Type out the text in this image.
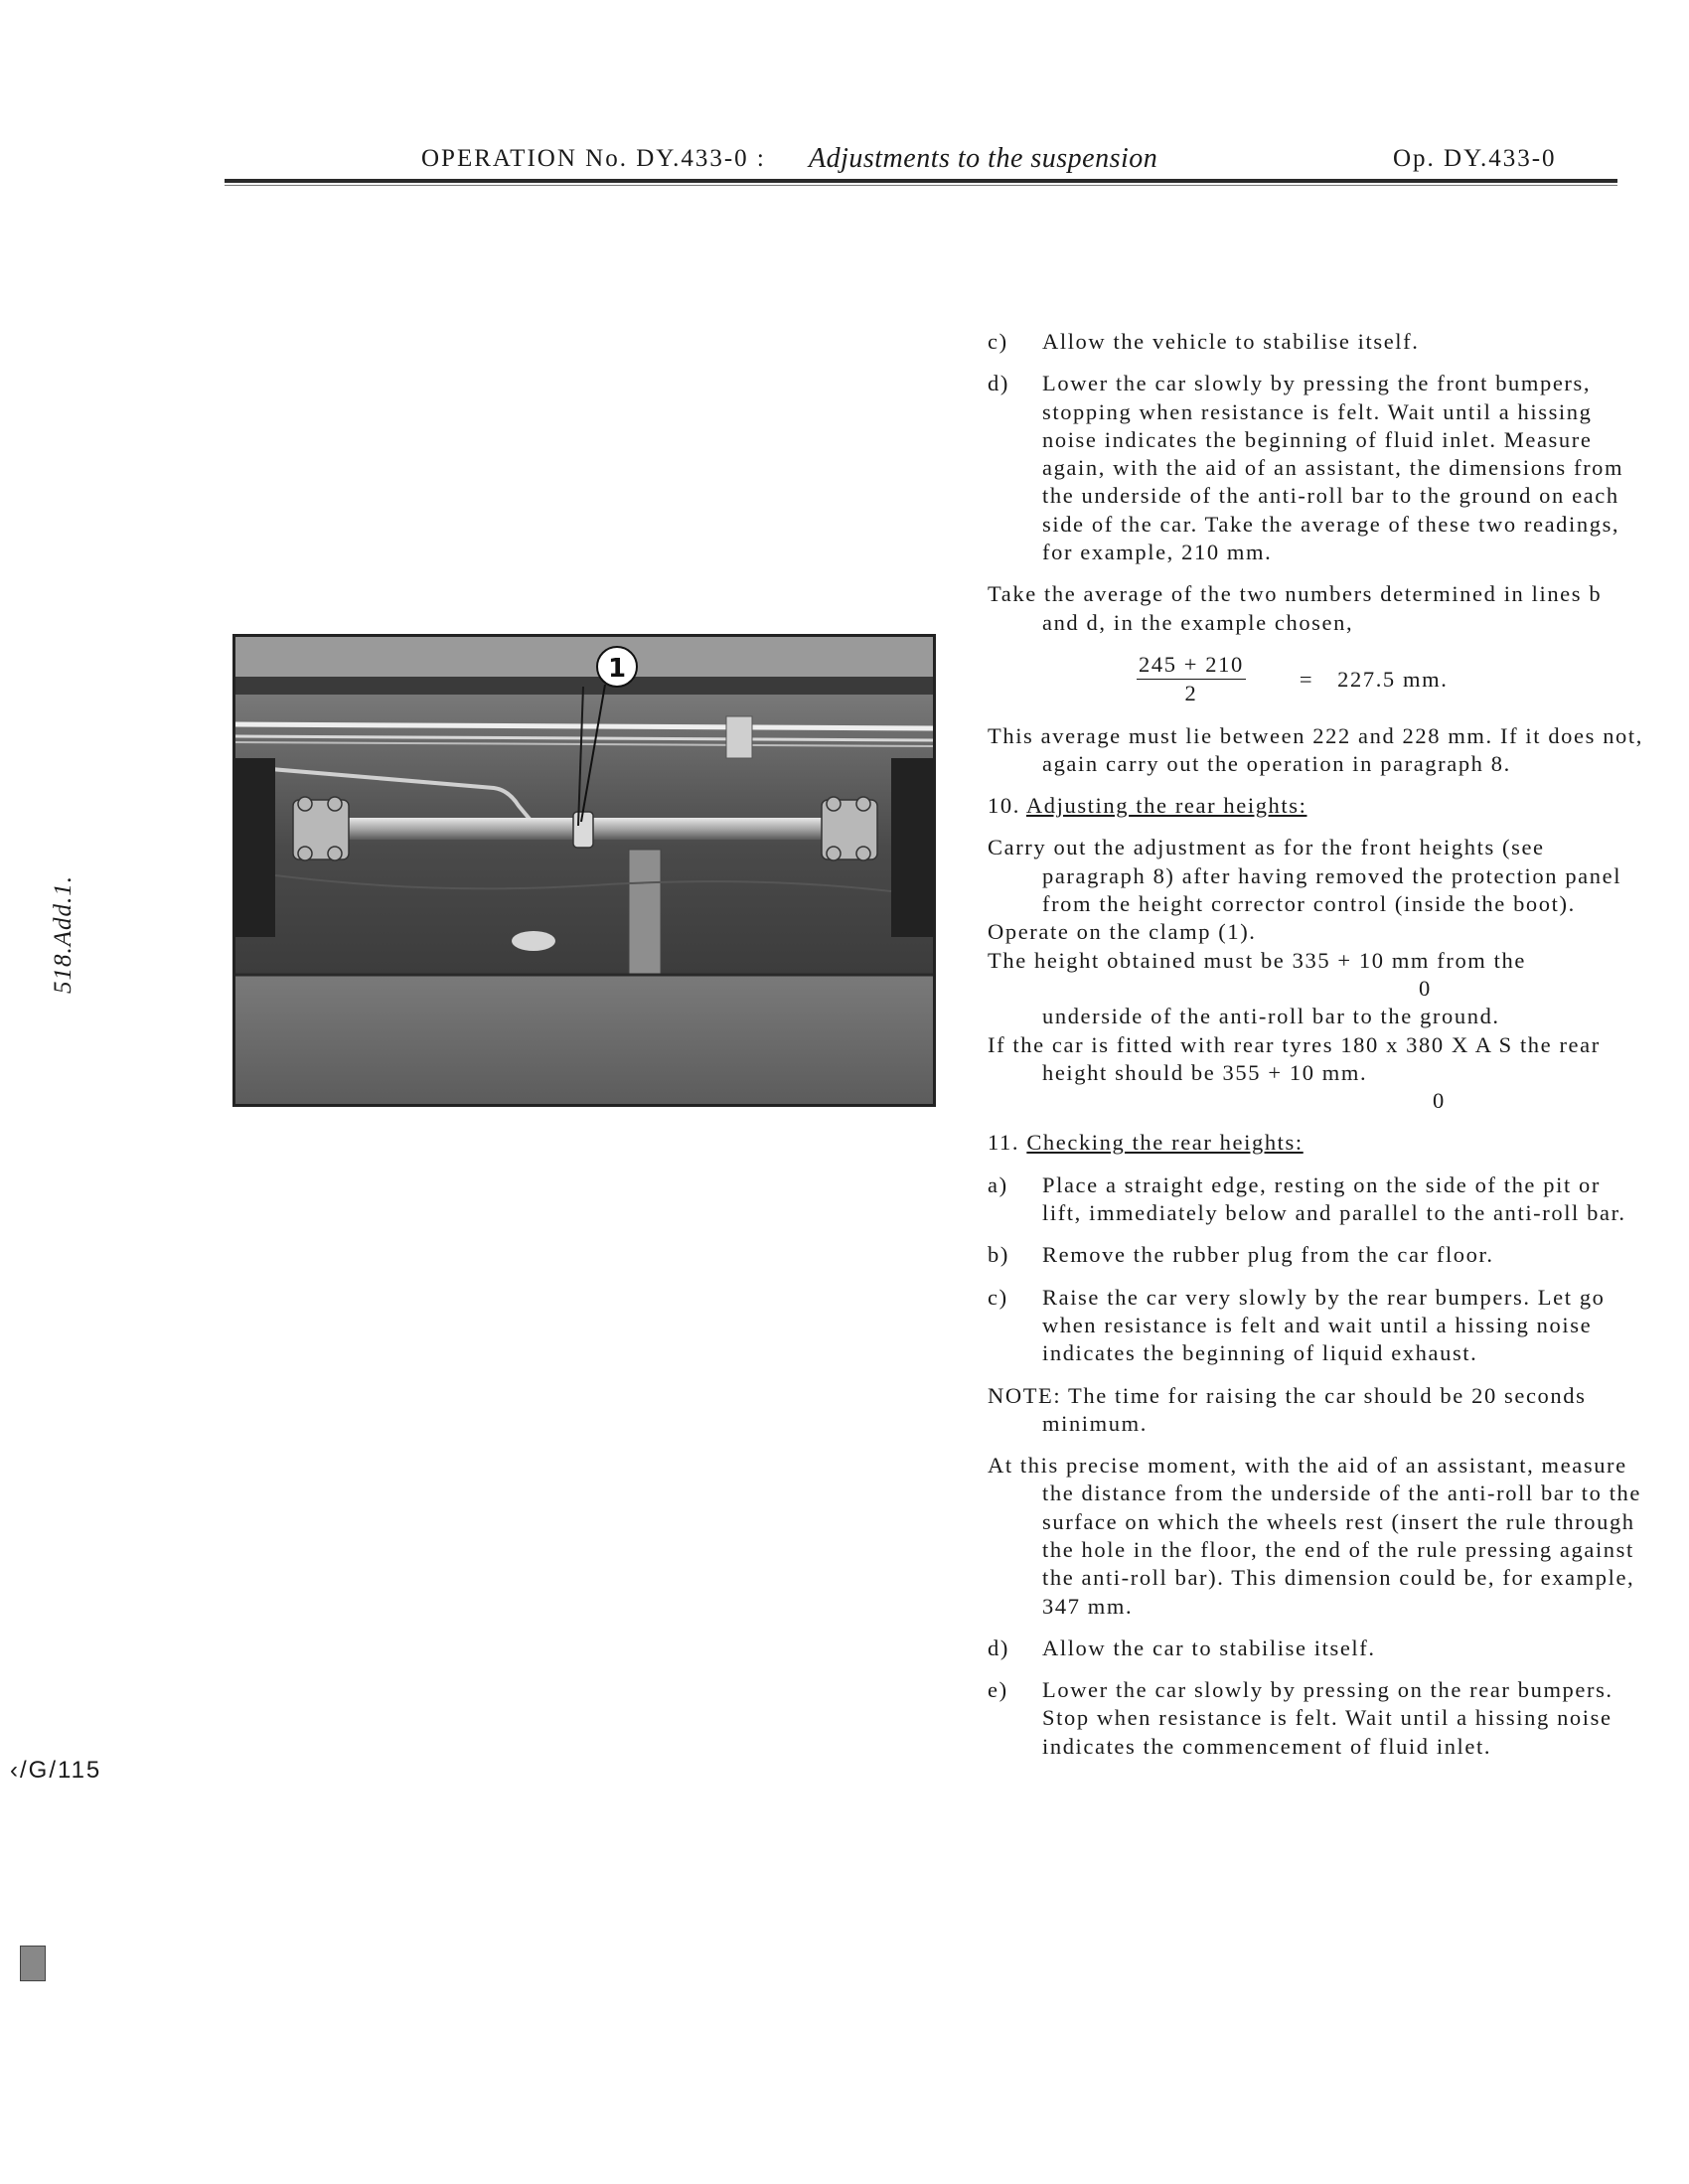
OPERATION No. DY.433-0 : Adjustments to the suspension	Op. DY.433-0
518.Add.1.
‹/G/115
1
c)	Allow the vehicle to stabilise itself.
d)	Lower the car slowly by pressing the front bumpers, stopping when resistance is felt. Wait until a hissing noise indicates the beginning of fluid inlet. Measure again, with the aid of an assistant, the dimensions from the underside of the anti-roll bar to the ground on each side of the car. Take the average of these two readings, for example, 210 mm.

Take the average of the two numbers determined in lines b and d, in the example chosen,

$\frac{245 + 210}{2} = 227.5$ mm.

This average must lie between 222 and 228 mm. If it does not, again carry out the operation in paragraph 8.

10. Adjusting the rear heights:

Carry out the adjustment as for the front heights (see paragraph 8) after having removed the protection panel from the height corrector control (inside the boot).

Operate on the clamp (1).

The height obtained must be 335 + 10 mm from the

0

underside of the anti-roll bar to the ground.

If the car is fitted with rear tyres 180 x 380 X A S the rear height should be 355 + 10 mm.

0

11. Checking the rear heights:
a)	Place a straight edge, resting on the side of the pit or lift, immediately below and parallel to the anti-roll bar.
b)	Remove the rubber plug from the car floor.
c)	Raise the car very slowly by the rear bumpers. Let go when resistance is felt and wait until a hissing noise indicates the beginning of liquid exhaust.

NOTE: The time for raising the car should be 20 seconds minimum.

At this precise moment, with the aid of an assistant, measure the distance from the underside of the anti-roll bar to the surface on which the wheels rest (insert the rule through the hole in the floor, the end of the rule pressing against the anti-roll bar). This dimension could be, for example, 347 mm.

d)	Allow the car to stabilise itself.
e)	Lower the car slowly by pressing on the rear bumpers. Stop when resistance is felt. Wait until a hissing noise indicates the commencement of fluid inlet.
